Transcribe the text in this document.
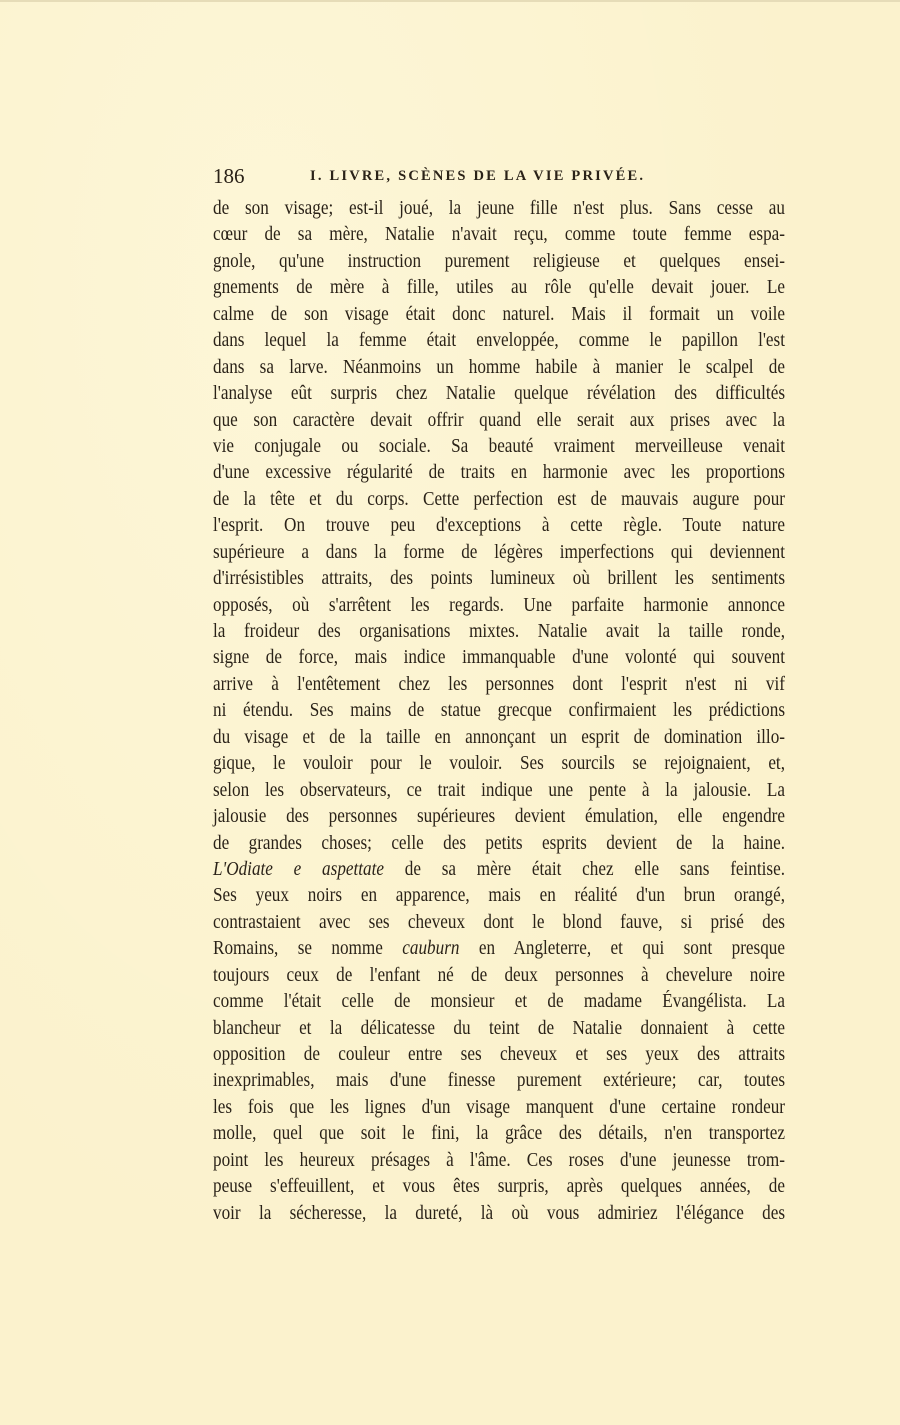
186	I. LIVRE, SCÈNES DE LA VIE PRIVÉE.
de son visage; est-il joué, la jeune fille n'est plus. Sans cesse au
cœur de sa mère, Natalie n'avait reçu, comme toute femme espa-
gnole, qu'une instruction purement religieuse et quelques ensei-
gnements de mère à fille, utiles au rôle qu'elle devait jouer. Le
calme de son visage était donc naturel. Mais il formait un voile
dans lequel la femme était enveloppée, comme le papillon l'est
dans sa larve. Néanmoins un homme habile à manier le scalpel de
l'analyse eût surpris chez Natalie quelque révélation des difficultés
que son caractère devait offrir quand elle serait aux prises avec la
vie conjugale ou sociale. Sa beauté vraiment merveilleuse venait
d'une excessive régularité de traits en harmonie avec les proportions
de la tête et du corps. Cette perfection est de mauvais augure pour
l'esprit. On trouve peu d'exceptions à cette règle. Toute nature
supérieure a dans la forme de légères imperfections qui deviennent
d'irrésistibles attraits, des points lumineux où brillent les sentiments
opposés, où s'arrêtent les regards. Une parfaite harmonie annonce
la froideur des organisations mixtes. Natalie avait la taille ronde,
signe de force, mais indice immanquable d'une volonté qui souvent
arrive à l'entêtement chez les personnes dont l'esprit n'est ni vif
ni étendu. Ses mains de statue grecque confirmaient les prédictions
du visage et de la taille en annonçant un esprit de domination illo-
gique, le vouloir pour le vouloir. Ses sourcils se rejoignaient, et,
selon les observateurs, ce trait indique une pente à la jalousie. La
jalousie des personnes supérieures devient émulation, elle engendre
de grandes choses; celle des petits esprits devient de la haine.
L'Odiate e aspettate de sa mère était chez elle sans feintise.
Ses yeux noirs en apparence, mais en réalité d'un brun orangé,
contrastaient avec ses cheveux dont le blond fauve, si prisé des
Romains, se nomme cauburn en Angleterre, et qui sont presque
toujours ceux de l'enfant né de deux personnes à chevelure noire
comme l'était celle de monsieur et de madame Évangélista. La
blancheur et la délicatesse du teint de Natalie donnaient à cette
opposition de couleur entre ses cheveux et ses yeux des attraits
inexprimables, mais d'une finesse purement extérieure; car, toutes
les fois que les lignes d'un visage manquent d'une certaine rondeur
molle, quel que soit le fini, la grâce des détails, n'en transportez
point les heureux présages à l'âme. Ces roses d'une jeunesse trom-
peuse s'effeuillent, et vous êtes surpris, après quelques années, de
voir la sécheresse, la dureté, là où vous admiriez l'élégance des
